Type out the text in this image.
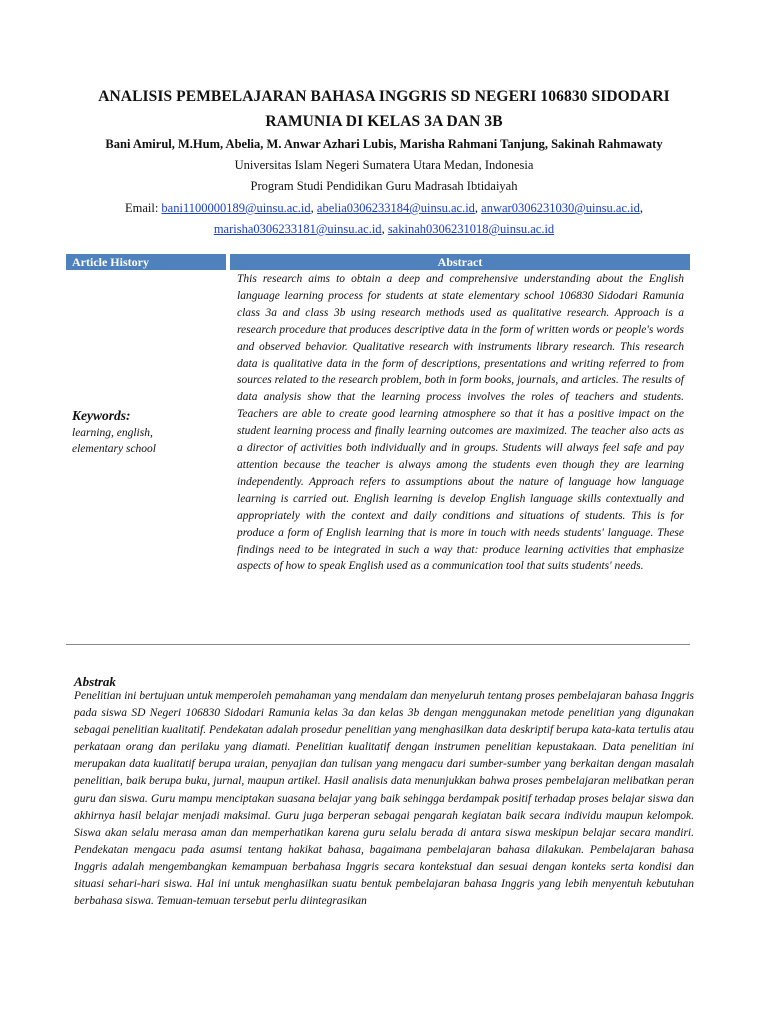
ANALISIS PEMBELAJARAN BAHASA INGGRIS SD NEGERI 106830 SIDODARI RAMUNIA DI KELAS 3A DAN 3B

Bani Amirul, M.Hum, Abelia, M. Anwar Azhari Lubis, Marisha Rahmani Tanjung, Sakinah Rahmawaty

Universitas Islam Negeri Sumatera Utara Medan, Indonesia

Program Studi Pendidikan Guru Madrasah Ibtidaiyah

Email: bani1100000189@uinsu.ac.id, abelia0306233184@uinsu.ac.id, anwar0306231030@uinsu.ac.id,
marisha0306233181@uinsu.ac.id, sakinah0306231018@uinsu.ac.id

Article History	Abstract

This research aims to obtain a deep and comprehensive understanding about the English language learning process for students at state elementary school 106830 Sidodari Ramunia class 3a and class 3b using research methods used as qualitative research. Approach is a research procedure that produces descriptive data in the form of written words or people's words and observed behavior. Qualitative research with instruments library research. This research data is qualitative data in the form of descriptions, presentations and writing referred to from sources related to the research problem, both in form books, journals, and articles. The results of data analysis show that the learning process involves the roles of teachers and students. Teachers are able to create good learning atmosphere so that it has a positive impact on the student learning process and finally learning outcomes are maximized. The teacher also acts as a director of activities both individually and in groups. Students will always feel safe and pay attention because the teacher is always among the students even though they are learning independently. Approach refers to assumptions about the nature of language how language learning is carried out. English learning is develop English language skills contextually and appropriately with the context and daily conditions and situations of students. This is for produce a form of English learning that is more in touch with needs students' language. These findings need to be integrated in such a way that: produce learning activities that emphasize aspects of how to speak English used as a communication tool that suits students' needs.

Keywords:

learning, english, elementary school

Abstrak

Penelitian ini bertujuan untuk memperoleh pemahaman yang mendalam dan menyeluruh tentang proses pembelajaran bahasa Inggris pada siswa SD Negeri 106830 Sidodari Ramunia kelas 3a dan kelas 3b dengan menggunakan metode penelitian yang digunakan sebagai penelitian kualitatif. Pendekatan adalah prosedur penelitian yang menghasilkan data deskriptif berupa kata-kata tertulis atau perkataan orang dan perilaku yang diamati. Penelitian kualitatif dengan instrumen penelitian kepustakaan. Data penelitian ini merupakan data kualitatif berupa uraian, penyajian dan tulisan yang mengacu dari sumber-sumber yang berkaitan dengan masalah penelitian, baik berupa buku, jurnal, maupun artikel. Hasil analisis data menunjukkan bahwa proses pembelajaran melibatkan peran guru dan siswa. Guru mampu menciptakan suasana belajar yang baik sehingga berdampak positif terhadap proses belajar siswa dan akhirnya hasil belajar menjadi maksimal. Guru juga berperan sebagai pengarah kegiatan baik secara individu maupun kelompok. Siswa akan selalu merasa aman dan memperhatikan karena guru selalu berada di antara siswa meskipun belajar secara mandiri. Pendekatan mengacu pada asumsi tentang hakikat bahasa, bagaimana pembelajaran bahasa dilakukan. Pembelajaran bahasa Inggris adalah mengembangkan kemampuan berbahasa Inggris secara kontekstual dan sesuai dengan konteks serta kondisi dan situasi sehari-hari siswa. Hal ini untuk menghasilkan suatu bentuk pembelajaran bahasa Inggris yang lebih menyentuh kebutuhan berbahasa siswa. Temuan-temuan tersebut perlu diintegrasikan
